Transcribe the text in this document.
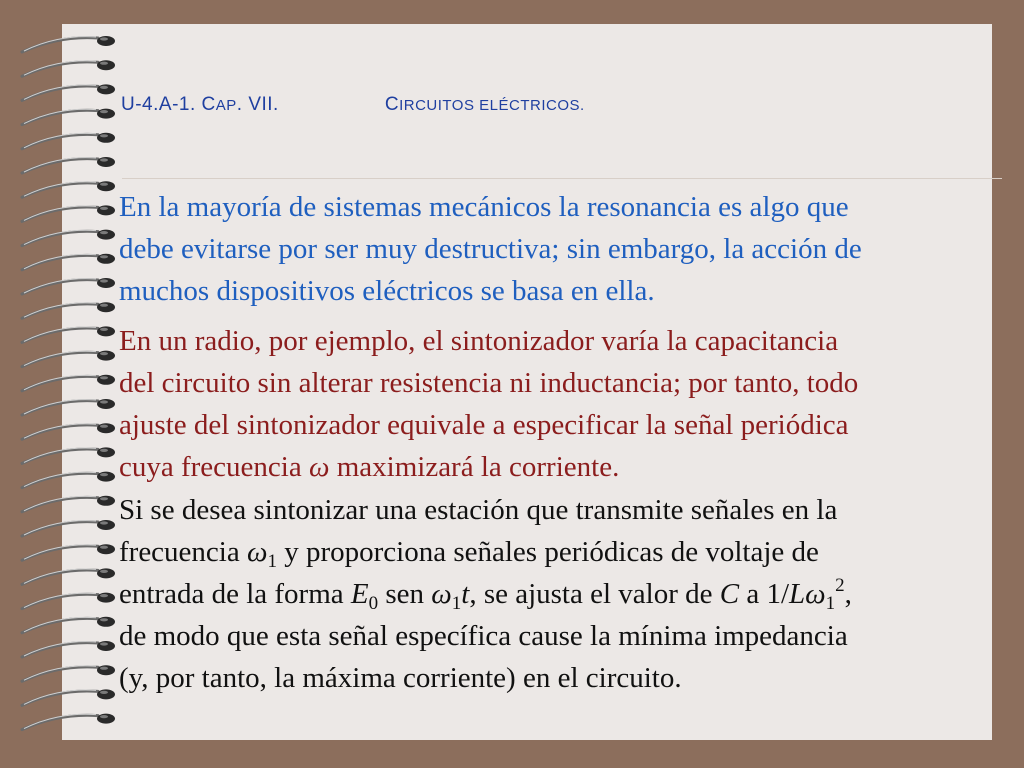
U-4.A-1. CAP. VII.	CIRCUITOS ELÉCTRICOS.
En la mayoría de sistemas mecánicos la resonancia es algo que
debe evitarse por ser muy destructiva; sin embargo, la acción de
muchos dispositivos eléctricos se basa en ella.
En un radio, por ejemplo, el sintonizador varía la capacitancia
del circuito sin alterar resistencia ni inductancia; por tanto, todo
ajuste del sintonizador equivale a especificar la señal periódica
cuya frecuencia ω maximizará la corriente.
Si se desea sintonizar una estación que transmite señales en la
frecuencia $\omega_1$ y proporciona señales periódicas de voltaje de
entrada de la forma $E_0$ sen $\omega_1t$, se ajusta el valor de C a $1/L\omega_1^2$,
de modo que esta señal específica cause la mínima impedancia
(y, por tanto, la máxima corriente) en el circuito.
